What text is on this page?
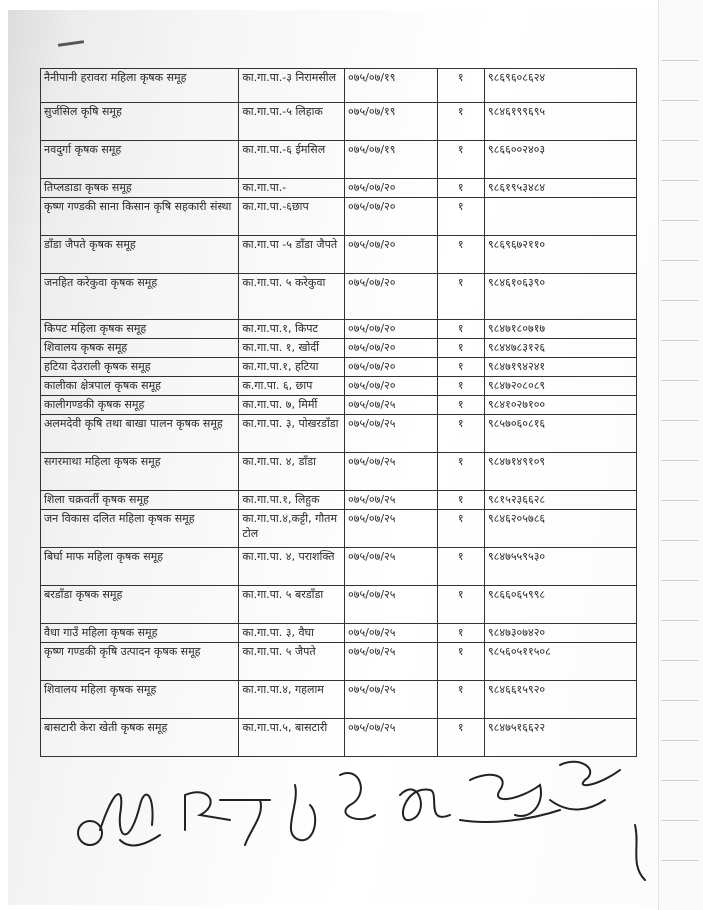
नैनीपानी हरावरा महिला कृषक समूह	का.गा.पा.-३ निरामसील	०७५/०७/१९	१	९८६९६०८६२४
सुर्जसिल कृषि समूह	का.गा.पा.-५ लिहाक	०७५/०७/१९	१	९८४६१९९६९५
नवदुर्गा कृषक समूह	का.गा.पा.-६ ईमसिल	०७५/०७/१९	१	९८६६००२४०३
तिप्लडाडा कृषक समूह	का.गा.पा.-	०७५/०७/२०	१	९८६१९५३४८४
कृष्ण गण्डकी साना किसान कृषि सहकारी संस्था	का.गा.पा.-६छाप	०७५/०७/२०	१	
डाँडा जैपते कृषक समूह	का.गा.पा -५ डाँडा जैपते	०७५/०७/२०	१	९८६९६७२११०
जनहित करेकुवा कृषक समूह	का.गा.पा. ५ करेकुवा	०७५/०७/२०	१	९८४६१०६३९०
किपट महिला कृषक समूह	का.गा.पा.१, किपट	०७५/०७/२०	१	९८४७१८०७१७
शिवालय कृषक समूह	का.गा.पा. १, खोर्दी	०७५/०७/२०	१	९८४४७८३१२६
हटिया देउराली कृषक समूह	का.गा.पा.१, हटिया	०७५/०७/२०	१	९८४७१९४२४१
कालीका क्षेत्रपाल कृषक समूह	क.गा.पा. ६, छाप	०७५/०७/२०	१	९८४७२०८०८९
कालीगण्डकी कृषक समूह	का.गा.पा. ७, मिर्मी	०७५/०७/२५	१	९८४१०२७१००
अलमदेवी कृषि तथा बाखा पालन कृषक समूह	का.गा.पा. ३, पोखरडाँडा	०७५/०७/२५	१	९८५७०६०८१६
सगरमाथा महिला कृषक समूह	का.गा.पा. ४, डाँडा	०७५/०७/२५	१	९८४७१४९१०९
शिला चक्रवर्ती कृषक समूह	का.गा.पा.१, लिहुक	०७५/०७/२५	१	९८१५२३६६२८
जन विकास दलित महिला कृषक समूह	का.गा.पा.४,कट्टी, गौतम टोल	०७५/०७/२५	१	९८४६२०५७८६
बिर्घा माफ महिला कृषक समूह	का.गा.पा. ४, पराशक्ति	०७५/०७/२५	१	९८४७५५९५३०
बरडाँडा कृषक समूह	का.गा.पा. ५ बरडाँडा	०७५/०७/२५	१	९८६६०६५९९८
वैधा गाउँ महिला कृषक समूह	का.गा.पा. ३, वैघा	०७५/०७/२५	१	९८४७३०७४२०
कृष्ण गण्डकी कृषि उत्पादन कृषक समूह	का.गा.पा. ५ जैपते	०७५/०७/२५	१	९८५६०५११५०८
शिवालय महिला कृषक समूह	का.गा.पा.४, गहलाम	०७५/०७/२५	१	९८४६६१५९२०
बासटारी केरा खेती कृषक समूह	का.गा.पा.५, बासटारी	०७५/०७/२५	१	९८४७५१६६२२
